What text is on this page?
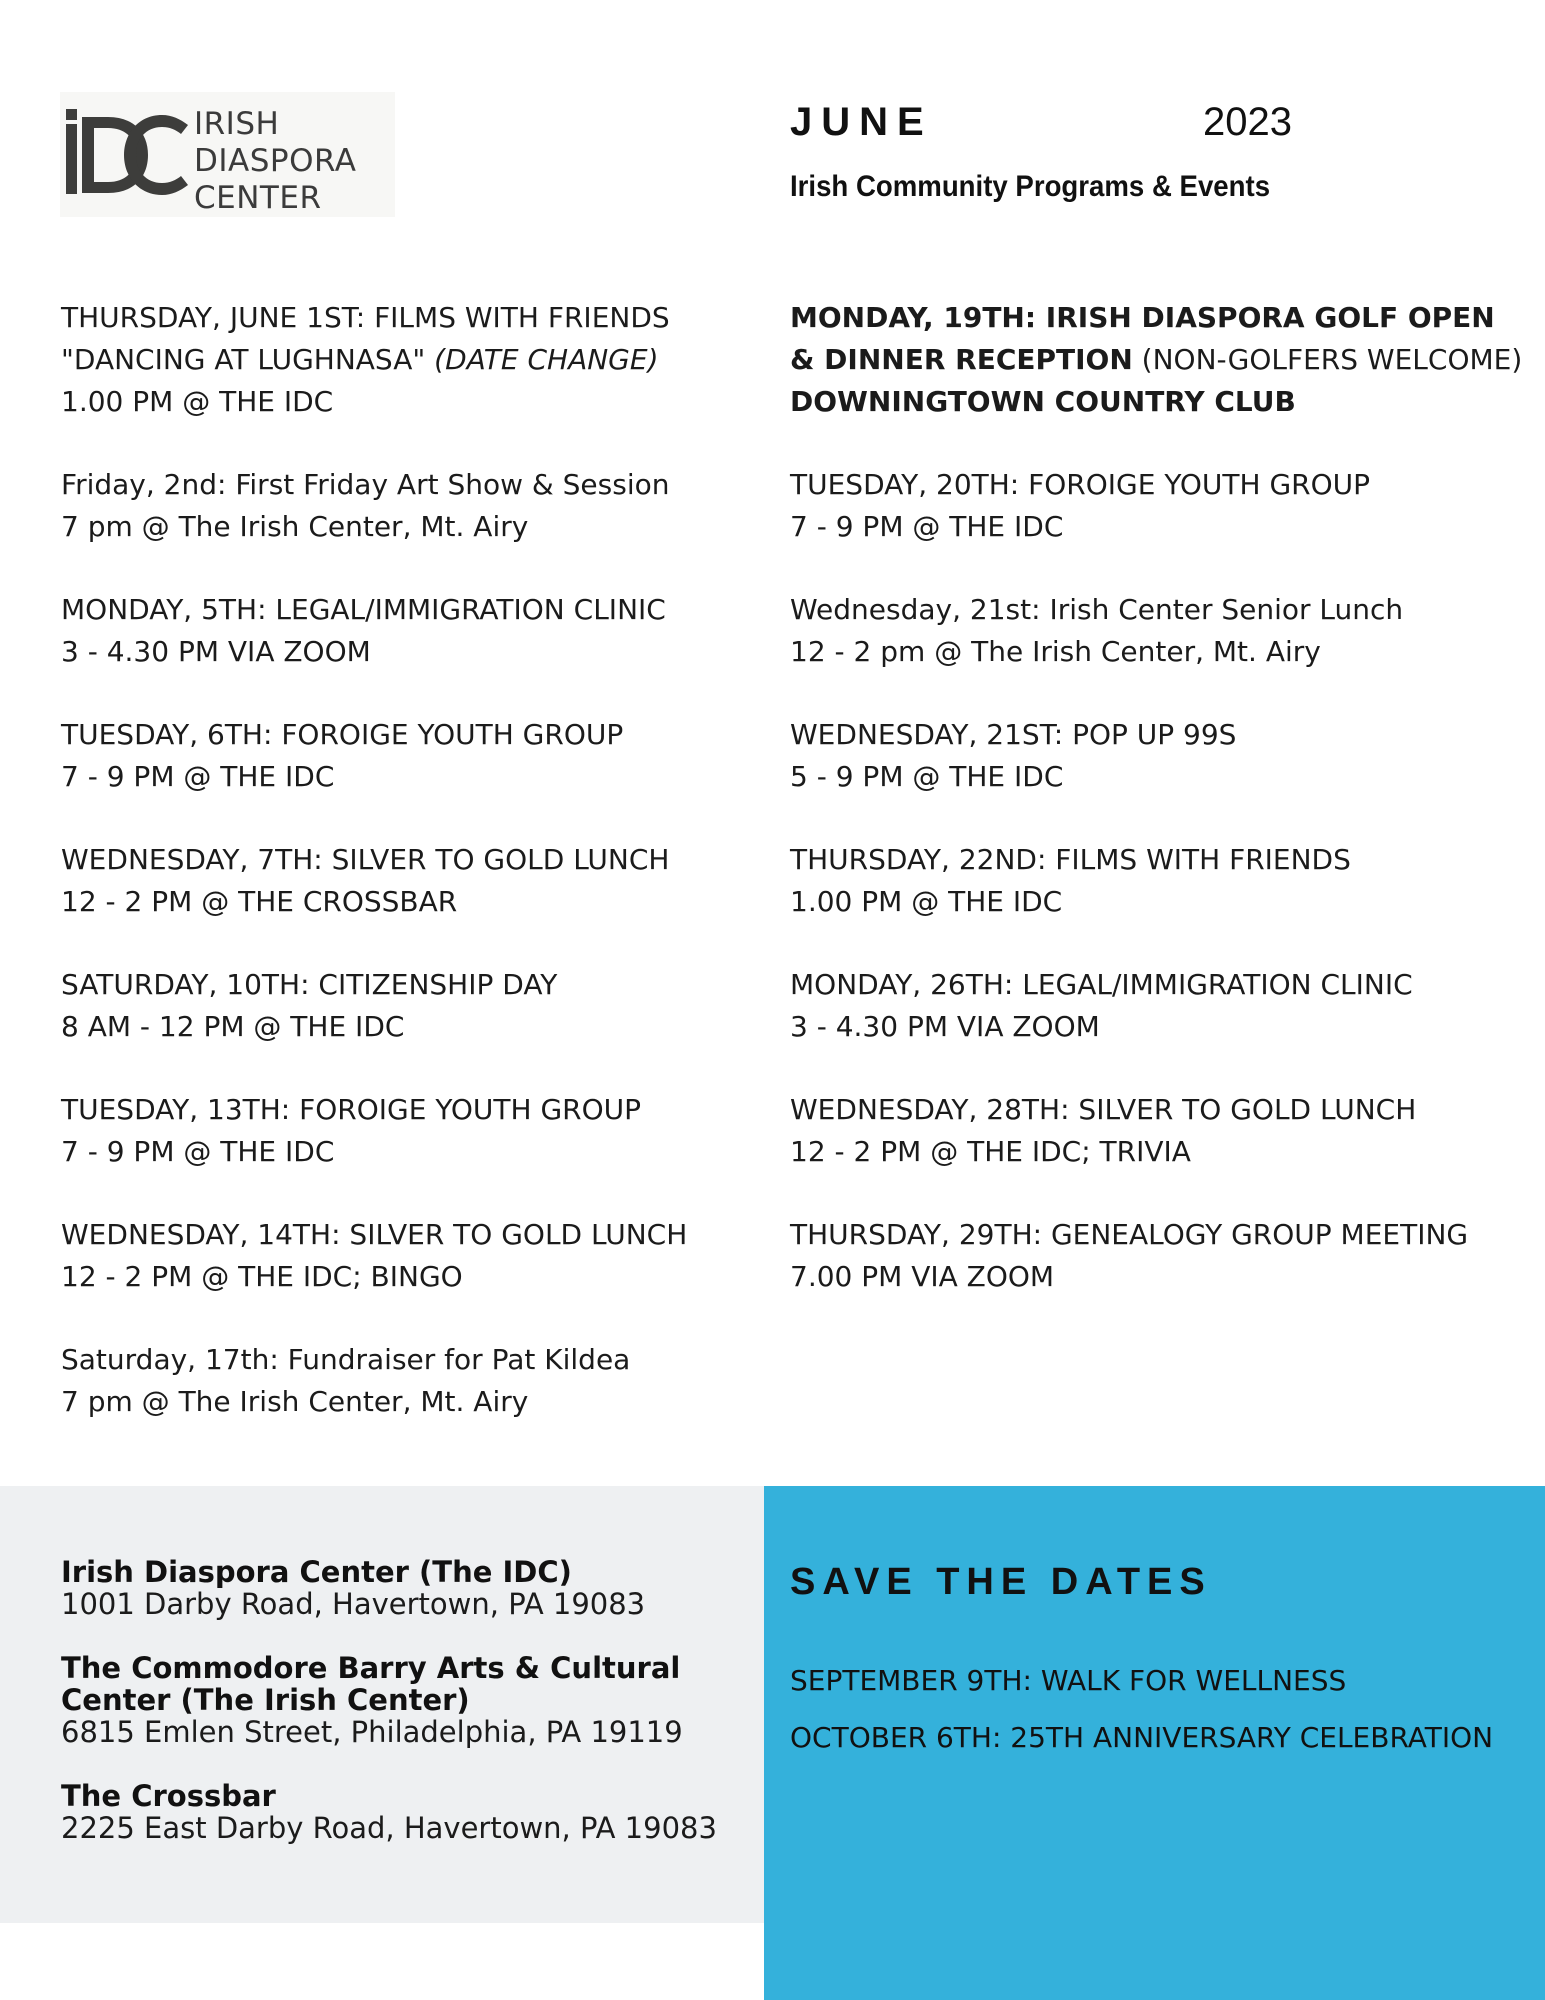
IRISH
DIASPORA
CENTER
JUNE	2023
Irish Community Programs & Events
THURSDAY, JUNE 1ST: FILMS WITH FRIENDS
"DANCING AT LUGHNASA" (DATE CHANGE)
1.00 PM @ THE IDC
Friday, 2nd: First Friday Art Show & Session
7 pm @ The Irish Center, Mt. Airy
MONDAY, 5TH: LEGAL/IMMIGRATION CLINIC
3 - 4.30 PM VIA ZOOM
TUESDAY, 6TH: FOROIGE YOUTH GROUP
7 - 9 PM @ THE IDC
WEDNESDAY, 7TH: SILVER TO GOLD LUNCH
12 - 2 PM @ THE CROSSBAR
SATURDAY, 10TH: CITIZENSHIP DAY
8 AM - 12 PM @ THE IDC
TUESDAY, 13TH: FOROIGE YOUTH GROUP
7 - 9 PM @ THE IDC
WEDNESDAY, 14TH: SILVER TO GOLD LUNCH
12 - 2 PM @ THE IDC; BINGO
Saturday, 17th: Fundraiser for Pat Kildea
7 pm @ The Irish Center, Mt. Airy
MONDAY, 19TH: IRISH DIASPORA GOLF OPEN
& DINNER RECEPTION (NON-GOLFERS WELCOME)
DOWNINGTOWN COUNTRY CLUB
TUESDAY, 20TH: FOROIGE YOUTH GROUP
7 - 9 PM @ THE IDC
Wednesday, 21st: Irish Center Senior Lunch
12 - 2 pm @ The Irish Center, Mt. Airy
WEDNESDAY, 21ST: POP UP 99S
5 - 9 PM @ THE IDC
THURSDAY, 22ND: FILMS WITH FRIENDS
1.00 PM @ THE IDC
MONDAY, 26TH: LEGAL/IMMIGRATION CLINIC
3 - 4.30 PM VIA ZOOM
WEDNESDAY, 28TH: SILVER TO GOLD LUNCH
12 - 2 PM @ THE IDC; TRIVIA
THURSDAY, 29TH: GENEALOGY GROUP MEETING
7.00 PM VIA ZOOM
Irish Diaspora Center (The IDC)
1001 Darby Road, Havertown, PA 19083
The Commodore Barry Arts & Cultural
Center (The Irish Center)
6815 Emlen Street, Philadelphia, PA 19119
The Crossbar
2225 East Darby Road, Havertown, PA 19083
SAVE THE DATES
SEPTEMBER 9TH: WALK FOR WELLNESS
OCTOBER 6TH: 25TH ANNIVERSARY CELEBRATION
